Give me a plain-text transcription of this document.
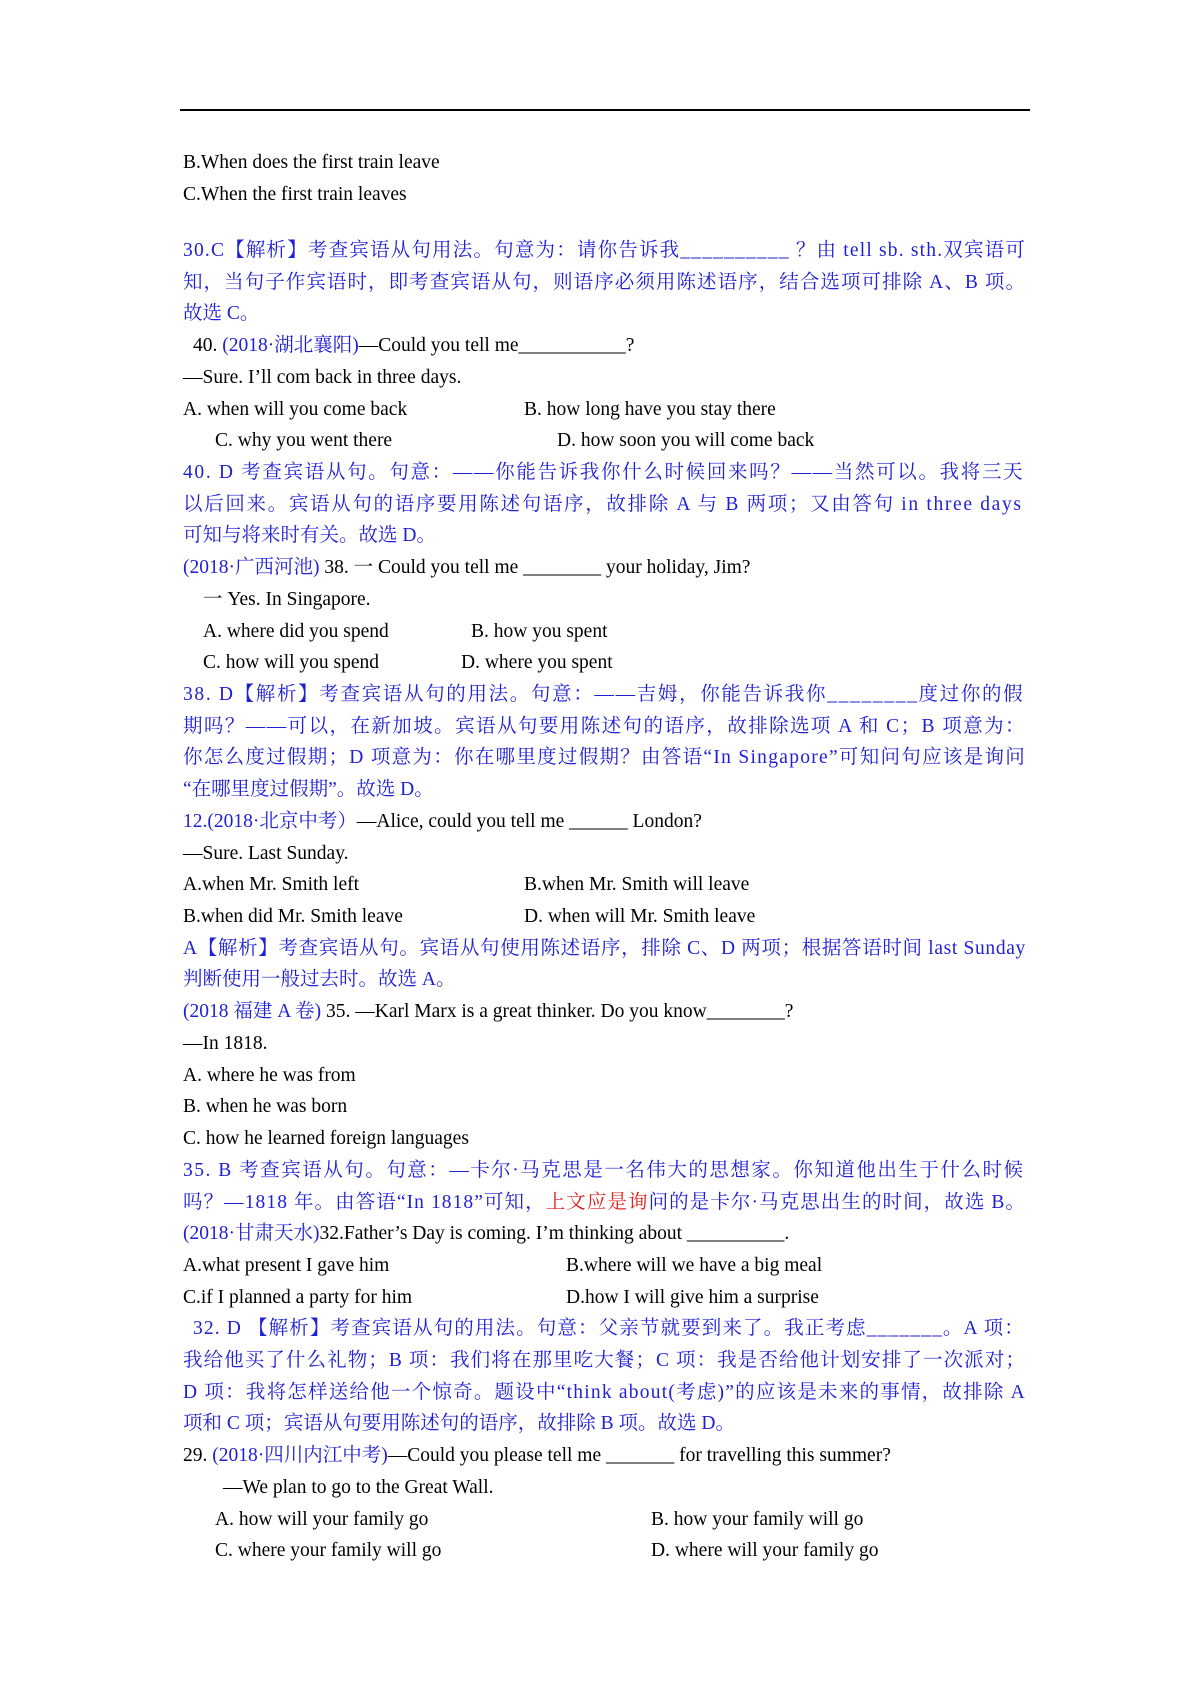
B.When does the first train leave
C.When the first train leaves
30.C【解析】考查宾语从句用法。句意为：请你告诉我__________ ？由 tell sb. sth.双宾语可
知，当句子作宾语时，即考查宾语从句，则语序必须用陈述语序，结合选项可排除 A、B 项。
故选 C。
40. (2018·湖北襄阳)—Could you tell me___________?
—Sure. I’ll com back in three days.
A. when will you come back	B. how long have you stay there
C. why you went there	D. how soon you will come back
40. D 考查宾语从句。句意：——你能告诉我你什么时候回来吗？——当然可以。我将三天
以后回来。宾语从句的语序要用陈述句语序，故排除 A 与 B 两项；又由答句 in three days
可知与将来时有关。故选 D。
(2018·广西河池) 38. 一 Could you tell me ________ your holiday, Jim?
一 Yes. In Singapore.
A. where did you spend	B. how you spent
C. how will you spend	D. where you spent
38. D【解析】考查宾语从句的用法。句意：——吉姆，你能告诉我你________度过你的假
期吗？——可以，在新加坡。宾语从句要用陈述句的语序，故排除选项 A 和 C；B 项意为：
你怎么度过假期；D 项意为：你在哪里度过假期？由答语“In Singapore”可知问句应该是询问
“在哪里度过假期”。故选 D。
12.(2018·北京中考）—Alice, could you tell me ______ London?
—Sure. Last Sunday.
A.when Mr. Smith left	B.when Mr. Smith will leave
B.when did Mr. Smith leave	D. when will Mr. Smith leave
A【解析】考查宾语从句。宾语从句使用陈述语序，排除 C、D 两项；根据答语时间 last Sunday
判断使用一般过去时。故选 A。
(2018 福建 A 卷) 35. —Karl Marx is a great thinker. Do you know________?
—In 1818.
A. where he was from
B. when he was born
C. how he learned foreign languages
35. B 考查宾语从句。句意：—卡尔·马克思是一名伟大的思想家。你知道他出生于什么时候
吗？—1818 年。由答语“In 1818”可知，上文应是询问的是卡尔·马克思出生的时间，故选 B。
(2018·甘肃天水)32.Father’s Day is coming. I’m thinking about __________.
A.what present I gave him	B.where will we have a big meal
C.if I planned a party for him	D.how I will give him a surprise
32. D 【解析】考查宾语从句的用法。句意：父亲节就要到来了。我正考虑_______。A 项：
我给他买了什么礼物；B 项：我们将在那里吃大餐；C 项：我是否给他计划安排了一次派对；
D 项：我将怎样送给他一个惊奇。题设中“think about(考虑)”的应该是未来的事情，故排除 A
项和 C 项；宾语从句要用陈述句的语序，故排除 B 项。故选 D。
29. (2018·四川内江中考)—Could you please tell me _______ for travelling this summer?
—We plan to go to the Great Wall.
A. how will your family go	B. how your family will go
C. where your family will go	D. where will your family go
